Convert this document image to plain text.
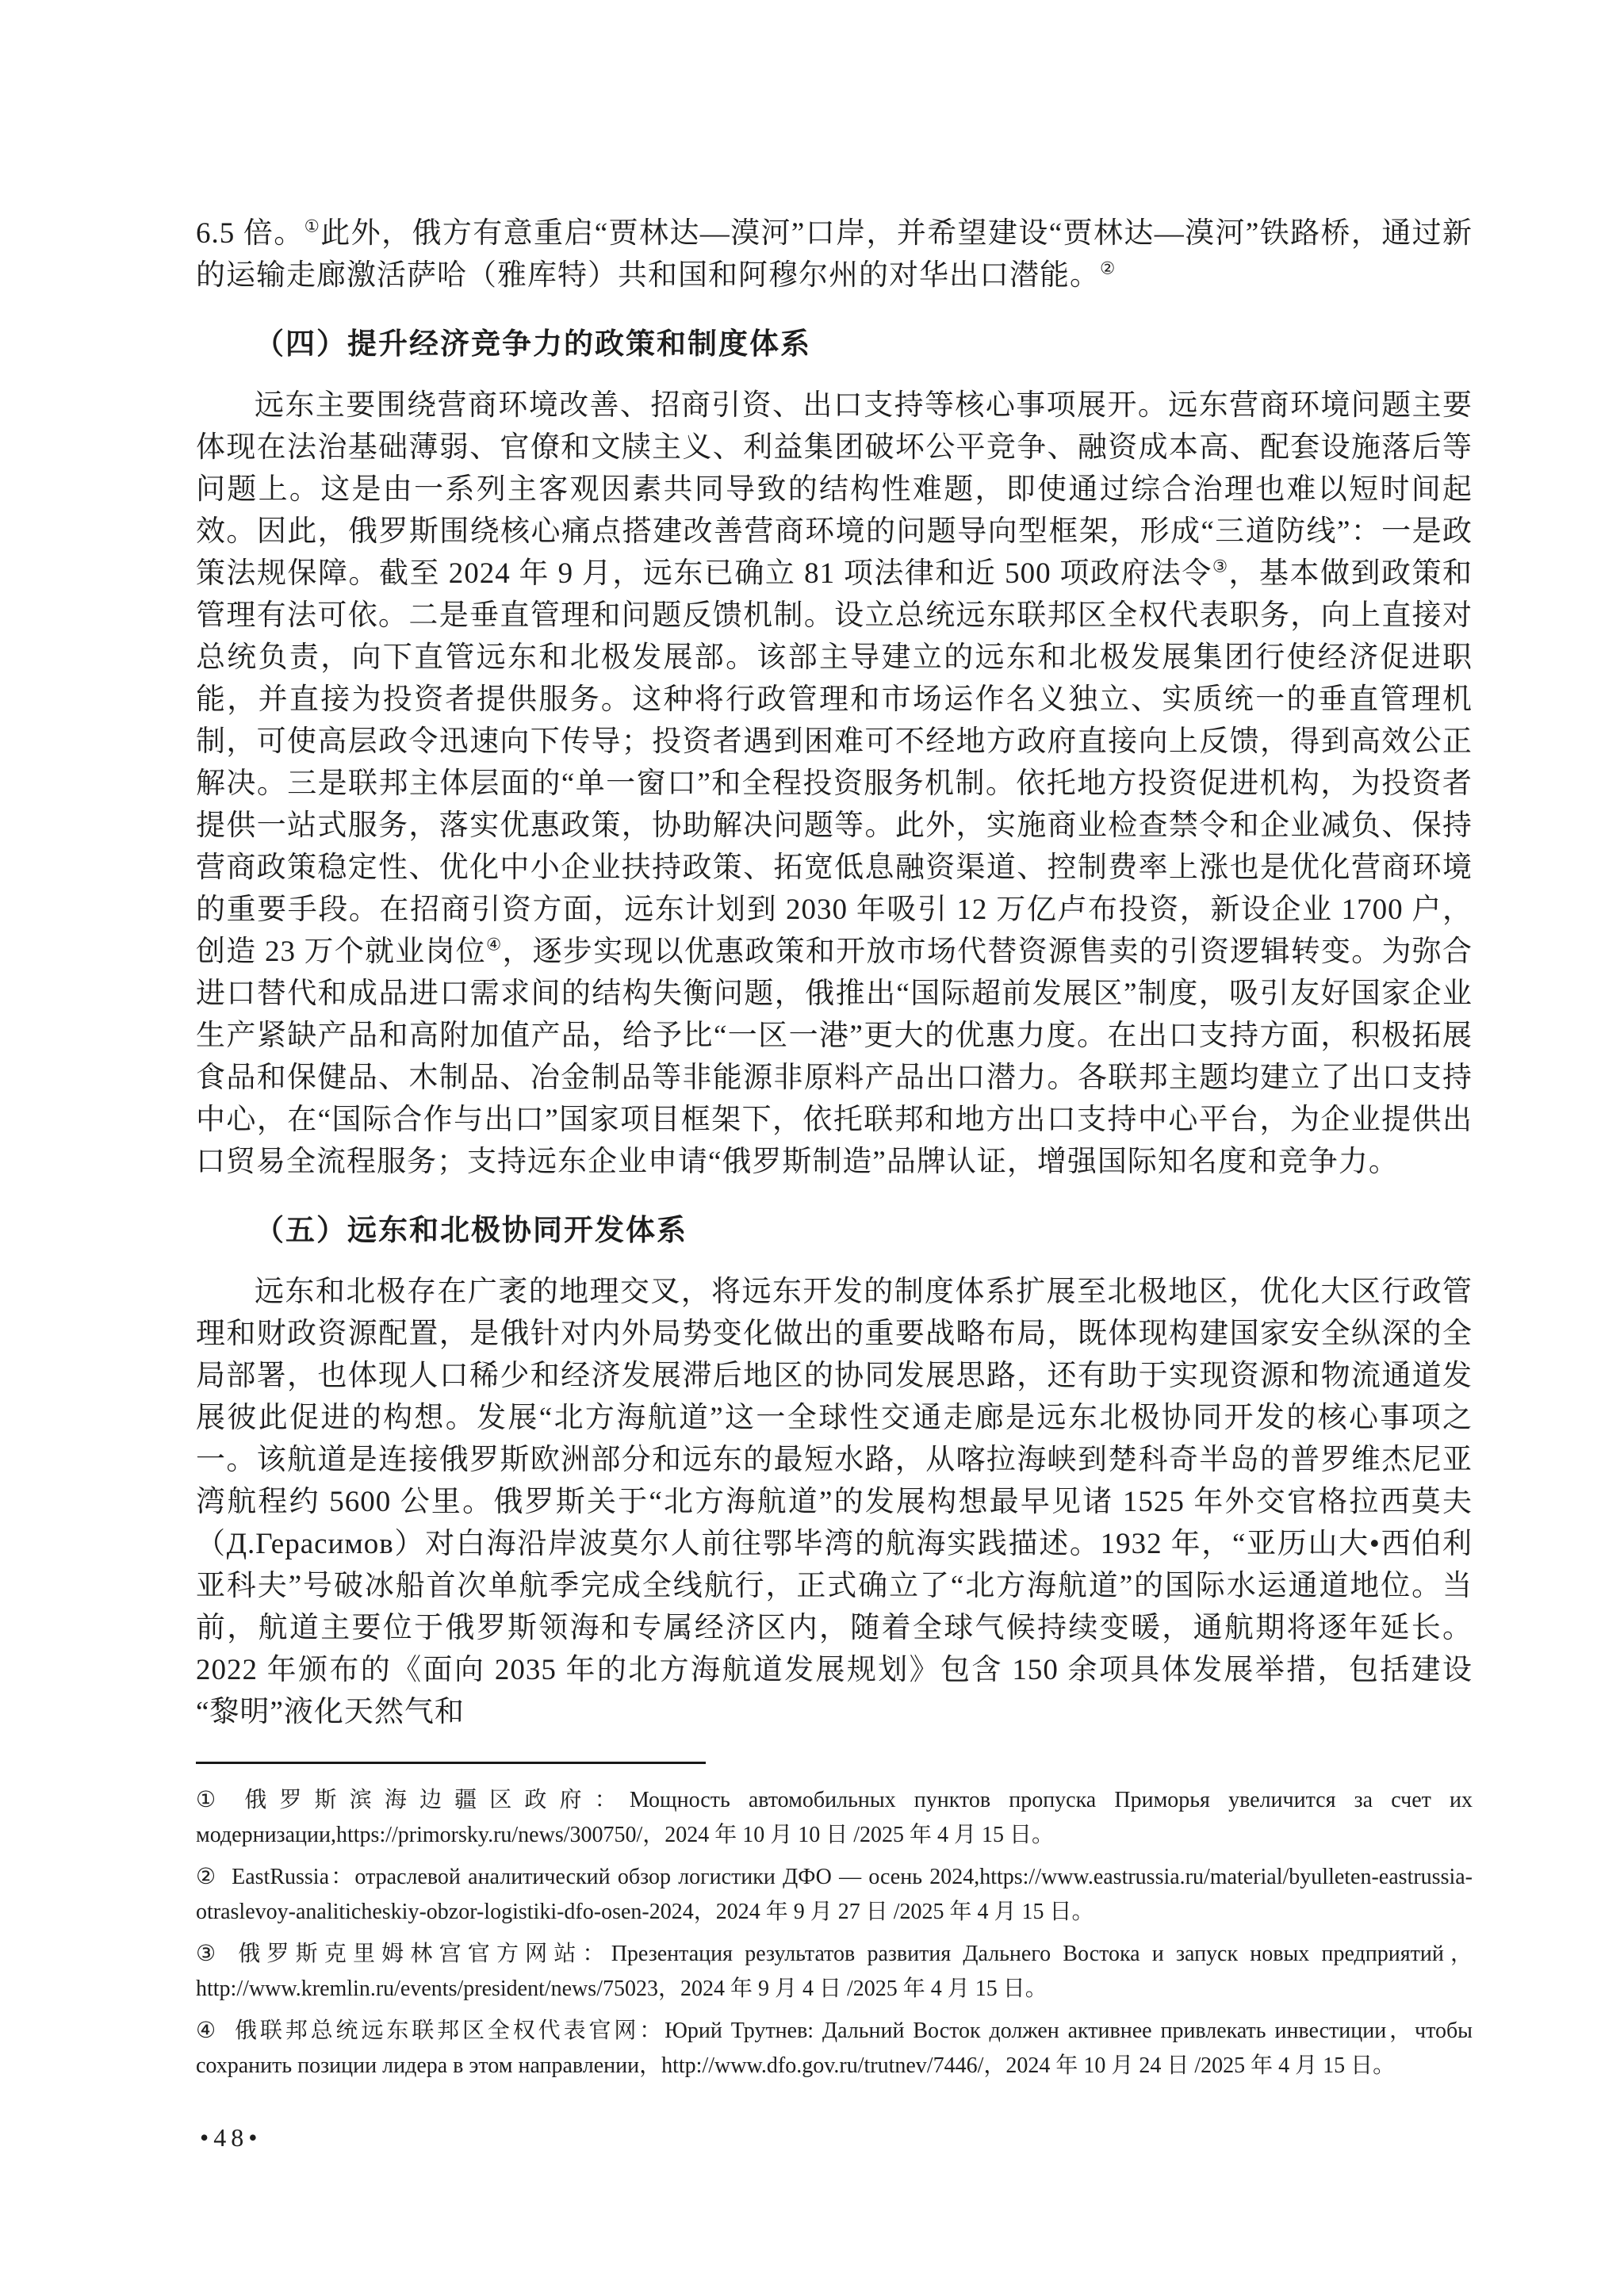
6.5 倍。①此外，俄方有意重启“贾林达—漠河”口岸，并希望建设“贾林达—漠河”铁路桥，通过新的运输走廊激活萨哈（雅库特）共和国和阿穆尔州的对华出口潜能。②

（四）提升经济竞争力的政策和制度体系

远东主要围绕营商环境改善、招商引资、出口支持等核心事项展开。远东营商环境问题主要体现在法治基础薄弱、官僚和文牍主义、利益集团破坏公平竞争、融资成本高、配套设施落后等问题上。这是由一系列主客观因素共同导致的结构性难题，即使通过综合治理也难以短时间起效。因此，俄罗斯围绕核心痛点搭建改善营商环境的问题导向型框架，形成“三道防线”：一是政策法规保障。截至 2024 年 9 月，远东已确立 81 项法律和近 500 项政府法令③，基本做到政策和管理有法可依。二是垂直管理和问题反馈机制。设立总统远东联邦区全权代表职务，向上直接对总统负责，向下直管远东和北极发展部。该部主导建立的远东和北极发展集团行使经济促进职能，并直接为投资者提供服务。这种将行政管理和市场运作名义独立、实质统一的垂直管理机制，可使高层政令迅速向下传导；投资者遇到困难可不经地方政府直接向上反馈，得到高效公正解决。三是联邦主体层面的“单一窗口”和全程投资服务机制。依托地方投资促进机构，为投资者提供一站式服务，落实优惠政策，协助解决问题等。此外，实施商业检查禁令和企业减负、保持营商政策稳定性、优化中小企业扶持政策、拓宽低息融资渠道、控制费率上涨也是优化营商环境的重要手段。在招商引资方面，远东计划到 2030 年吸引 12 万亿卢布投资，新设企业 1700 户，创造 23 万个就业岗位④，逐步实现以优惠政策和开放市场代替资源售卖的引资逻辑转变。为弥合进口替代和成品进口需求间的结构失衡问题，俄推出“国际超前发展区”制度，吸引友好国家企业生产紧缺产品和高附加值产品，给予比“一区一港”更大的优惠力度。在出口支持方面，积极拓展食品和保健品、木制品、冶金制品等非能源非原料产品出口潜力。各联邦主题均建立了出口支持中心，在“国际合作与出口”国家项目框架下，依托联邦和地方出口支持中心平台，为企业提供出口贸易全流程服务；支持远东企业申请“俄罗斯制造”品牌认证，增强国际知名度和竞争力。

（五）远东和北极协同开发体系

远东和北极存在广袤的地理交叉，将远东开发的制度体系扩展至北极地区，优化大区行政管理和财政资源配置，是俄针对内外局势变化做出的重要战略布局，既体现构建国家安全纵深的全局部署，也体现人口稀少和经济发展滞后地区的协同发展思路，还有助于实现资源和物流通道发展彼此促进的构想。发展“北方海航道”这一全球性交通走廊是远东北极协同开发的核心事项之一。该航道是连接俄罗斯欧洲部分和远东的最短水路，从喀拉海峡到楚科奇半岛的普罗维杰尼亚湾航程约 5600 公里。俄罗斯关于“北方海航道”的发展构想最早见诸 1525 年外交官格拉西莫夫（Д.Герасимов）对白海沿岸波莫尔人前往鄂毕湾的航海实践描述。1932 年，“亚历山大•西伯利亚科夫”号破冰船首次单航季完成全线航行，正式确立了“北方海航道”的国际水运通道地位。当前，航道主要位于俄罗斯领海和专属经济区内，随着全球气候持续变暖，通航期将逐年延长。2022 年颁布的《面向 2035 年的北方海航道发展规划》包含 150 余项具体发展举措，包括建设“黎明”液化天然气和

① 俄罗斯滨海边疆区政府：Мощность автомобильных пунктов пропуска Приморья увеличится за счет их модернизации,https://primorsky.ru/news/300750/，2024 年 10 月 10 日 /2025 年 4 月 15 日。
② EastRussia：отраслевой аналитический обзор логистики ДФО — осень 2024,https://www.eastrussia.ru/material/byulleten-eastrussia-otraslevoy-analiticheskiy-obzor-logistiki-dfo-osen-2024，2024 年 9 月 27 日 /2025 年 4 月 15 日。
③ 俄罗斯克里姆林宫官方网站：Презентация результатов развития Дальнего Востока и запуск новых предприятий，http://www.kremlin.ru/events/president/news/75023，2024 年 9 月 4 日 /2025 年 4 月 15 日。
④ 俄联邦总统远东联邦区全权代表官网：Юрий Трутнев: Дальний Восток должен активнее привлекать инвестиции，чтобы сохранить позиции лидера в этом направлении，http://www.dfo.gov.ru/trutnev/7446/，2024 年 10 月 24 日 /2025 年 4 月 15 日。
•48•
